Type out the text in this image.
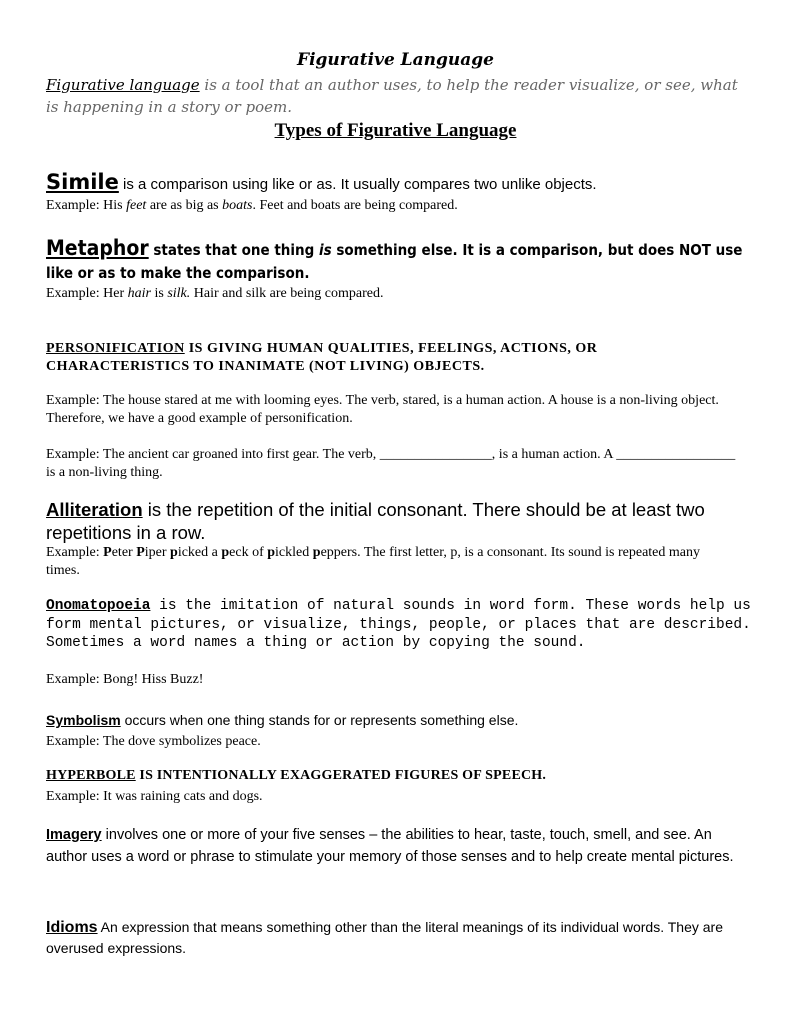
Figurative Language

Figurative language is a tool that an author uses, to help the reader visualize, or see, what is happening in a story or poem.

Types of Figurative Language

Simile is a comparison using like or as. It usually compares two unlike objects.

Example: His feet are as big as boats. Feet and boats are being compared.

Metaphor states that one thing is something else. It is a comparison, but does NOT use like or as to make the comparison.

Example: Her hair is silk. Hair and silk are being compared.

PERSONIFICATION IS GIVING HUMAN QUALITIES, FEELINGS, ACTIONS, OR CHARACTERISTICS TO INANIMATE (NOT LIVING) OBJECTS.

Example: The house stared at me with looming eyes. The verb, stared, is a human action. A house is a non-living object. Therefore, we have a good example of personification.

Example: The ancient car groaned into first gear. The verb, ________________, is a human action. A _________________ is a non-living thing.

Alliteration is the repetition of the initial consonant. There should be at least two repetitions in a row.

Example: Peter Piper picked a peck of pickled peppers. The first letter, p, is a consonant. Its sound is repeated many times.

Onomatopoeia is the imitation of natural sounds in word form. These words help us form mental pictures, or visualize, things, people, or places that are described. Sometimes a word names a thing or action by copying the sound.

Example: Bong! Hiss Buzz!

Symbolism occurs when one thing stands for or represents something else.

Example: The dove symbolizes peace.

HYPERBOLE IS INTENTIONALLY EXAGGERATED FIGURES OF SPEECH.

Example: It was raining cats and dogs.

Imagery involves one or more of your five senses – the abilities to hear, taste, touch, smell, and see. An author uses a word or phrase to stimulate your memory of those senses and to help create mental pictures.

Idioms An expression that means something other than the literal meanings of its individual words. They are overused expressions.
